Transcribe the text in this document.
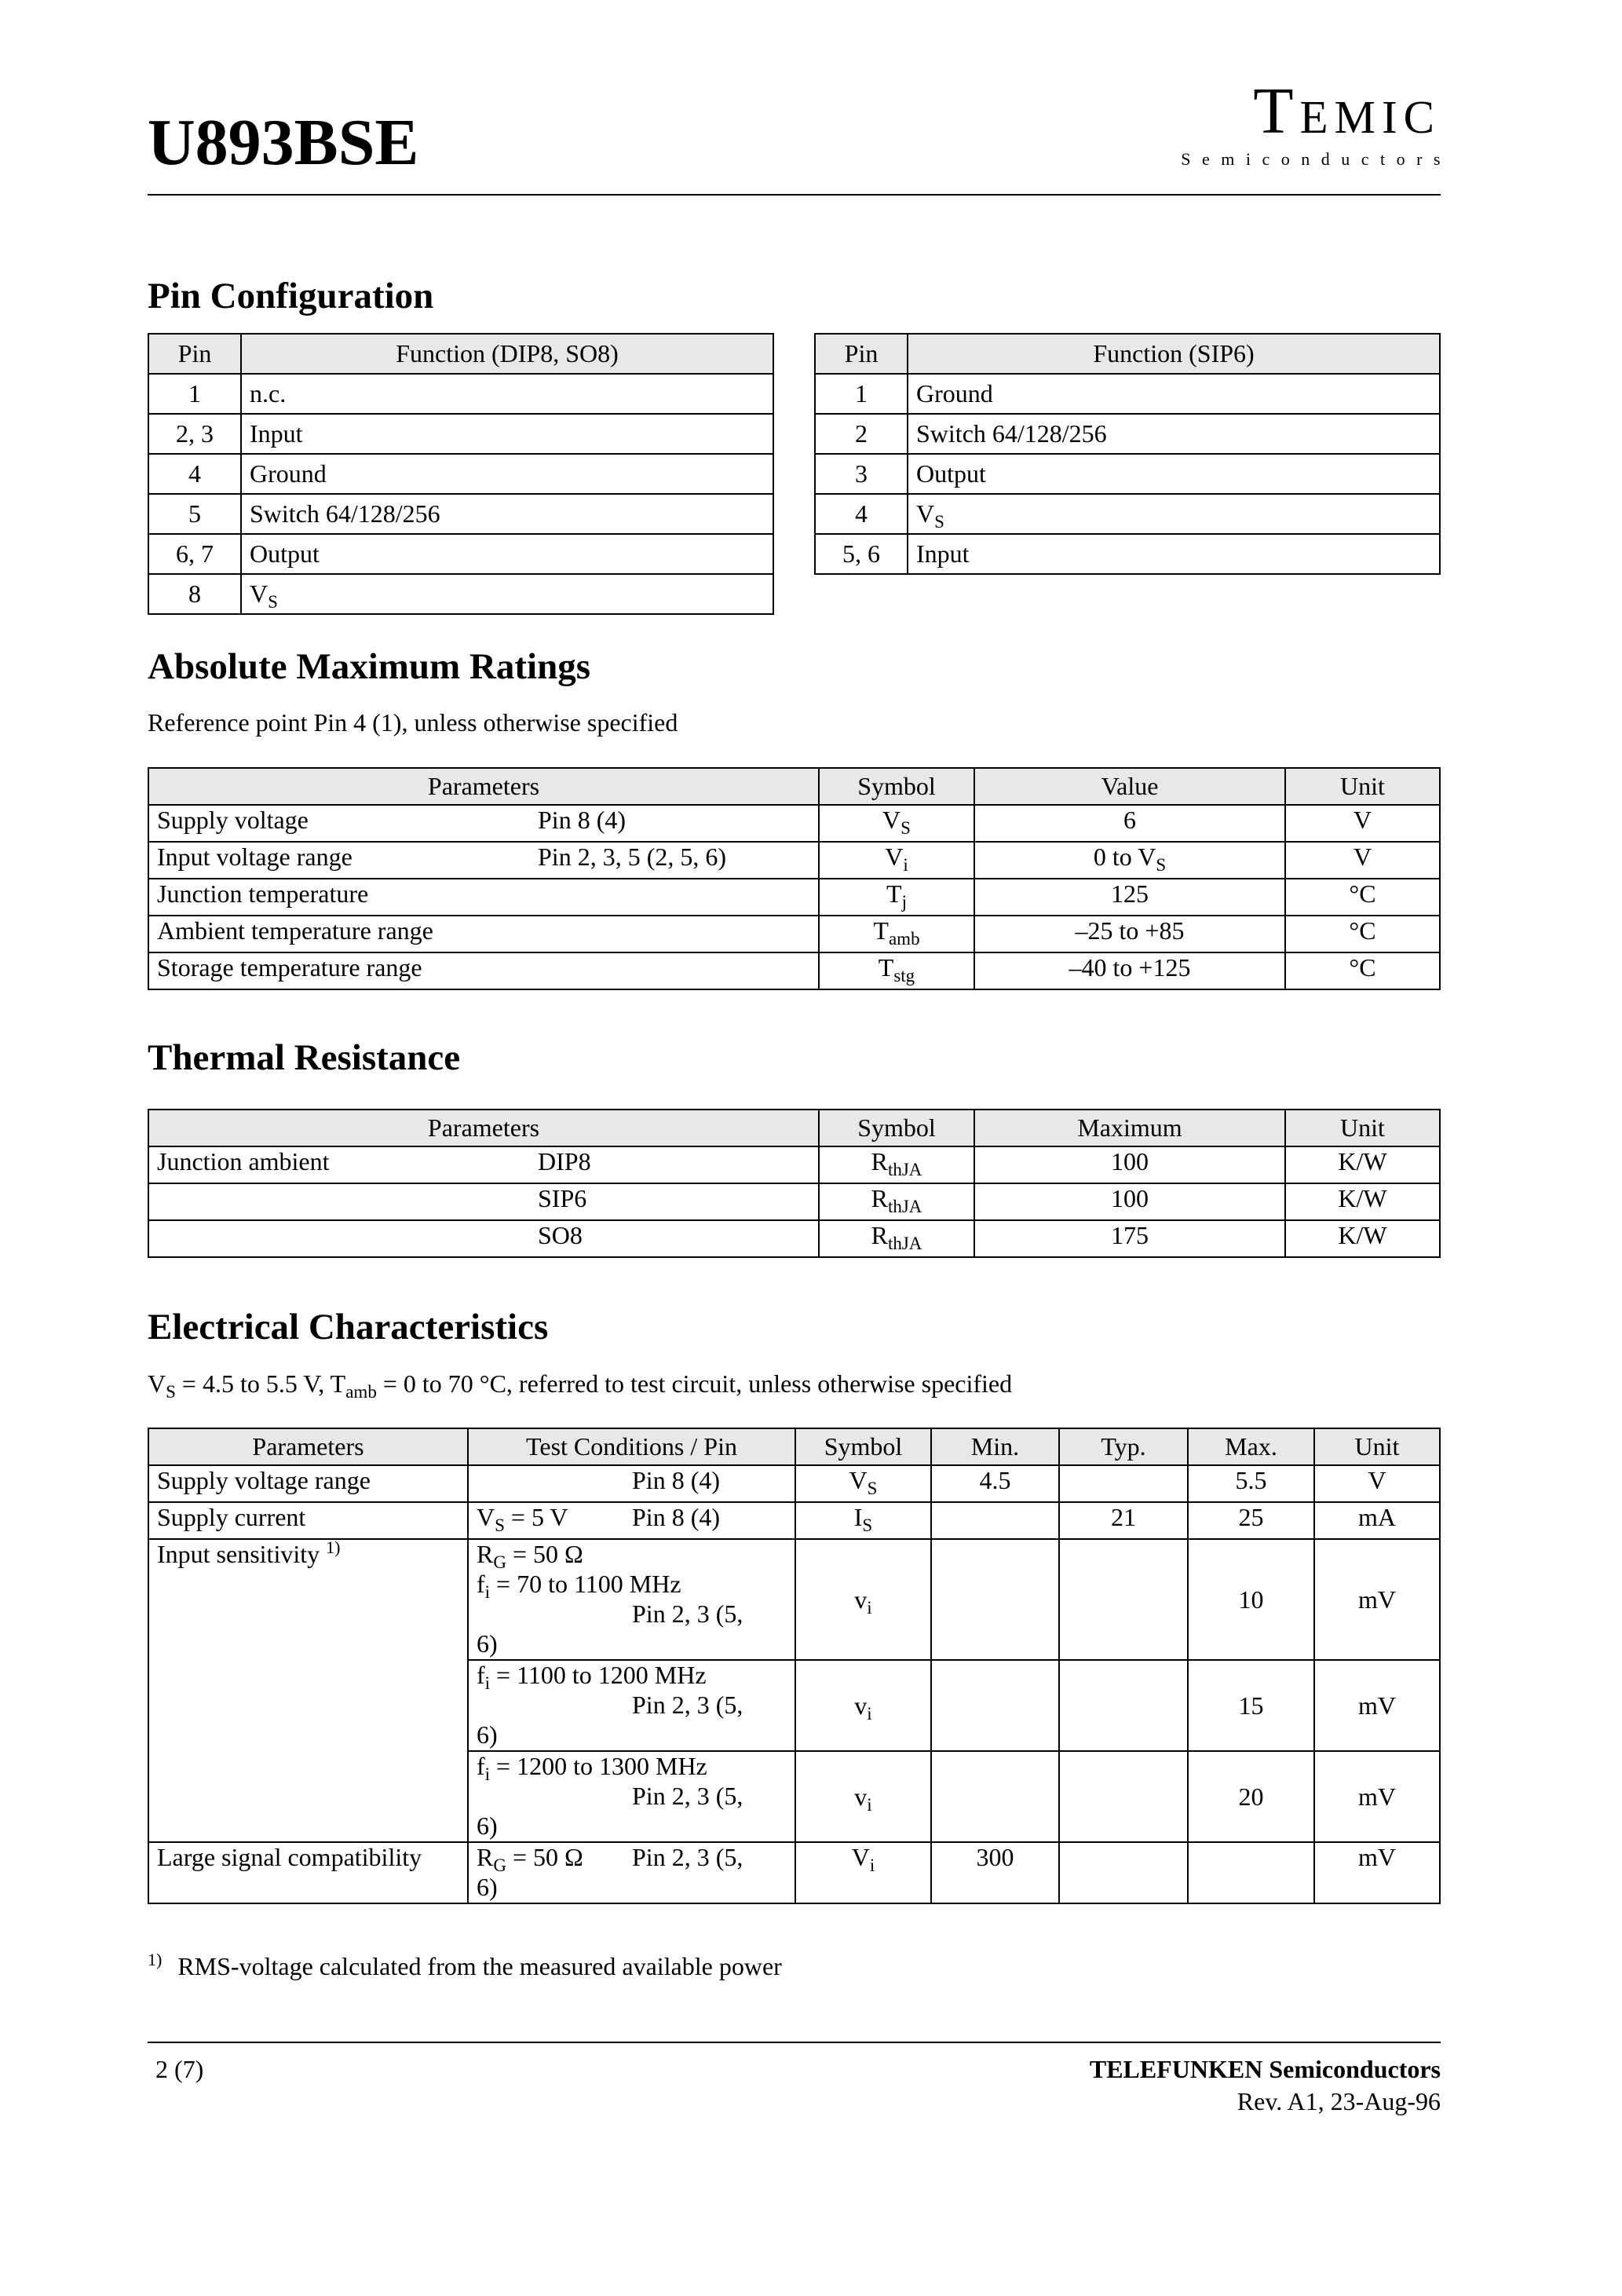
U893BSE	Temic
Semiconductors
Pin Configuration
Pin	Function (DIP8, SO8)
1	n.c.
2, 3	Input
4	Ground
5	Switch 64/128/256
6, 7	Output
8	$V_S$
Pin	Function (SIP6)
1	Ground
2	Switch 64/128/256
3	Output
4	$V_S$
5, 6	Input
Absolute Maximum Ratings
Reference point Pin 4 (1), unless otherwise specified
Parameters	Symbol	Value	Unit
Supply voltage Pin 8 (4)	$V_S$	6	V
Input voltage range Pin 2, 3, 5 (2, 5, 6)	$V_i$	0 to $V_S$	V
Junction temperature	$T_j$	125	°C
Ambient temperature range	$T_{amb}$	–25 to +85	°C
Storage temperature range	$T_{stg}$	–40 to +125	°C
Thermal Resistance
Parameters	Symbol	Maximum	Unit
Junction ambient DIP8	$R_{thJA}$	100	K/W

SIP6	$R_{thJA}$	100	K/W

SO8	$R_{thJA}$	175	K/W
Electrical Characteristics
$V_S = 4.5$ to 5.5 V, $T_{amb} = 0$ to 70 °C, referred to test circuit, unless otherwise specified
Parameters	Test Conditions / Pin	Symbol	Min.	Typ.	Max.	Unit
Supply voltage range	Pin 8 (4)	$V_S$	4.5		5.5	V
Supply current	$V_S = 5$ V Pin 8 (4)	$I_S$		21	25	mA
Input sensitivity $^{1)}$	$R_G = 50$ Ω
$f_i = 70$ to 1100 MHz
Pin 2, 3 (5,
6)	$v_i$			10	mV

	$f_i = 1100$ to 1200 MHz
Pin 2, 3 (5,
6)	$v_i$			15	mV

	$f_i = 1200$ to 1300 MHz
Pin 2, 3 (5,
6)	$v_i$			20	mV
Large signal compatibility	$R_G = 50$ Ω Pin 2, 3 (5,
6)	$V_i$	300			mV
$^{1)}$ RMS-voltage calculated from the measured available power
2 (7)	TELEFUNKEN Semiconductors
Rev. A1, 23-Aug-96
